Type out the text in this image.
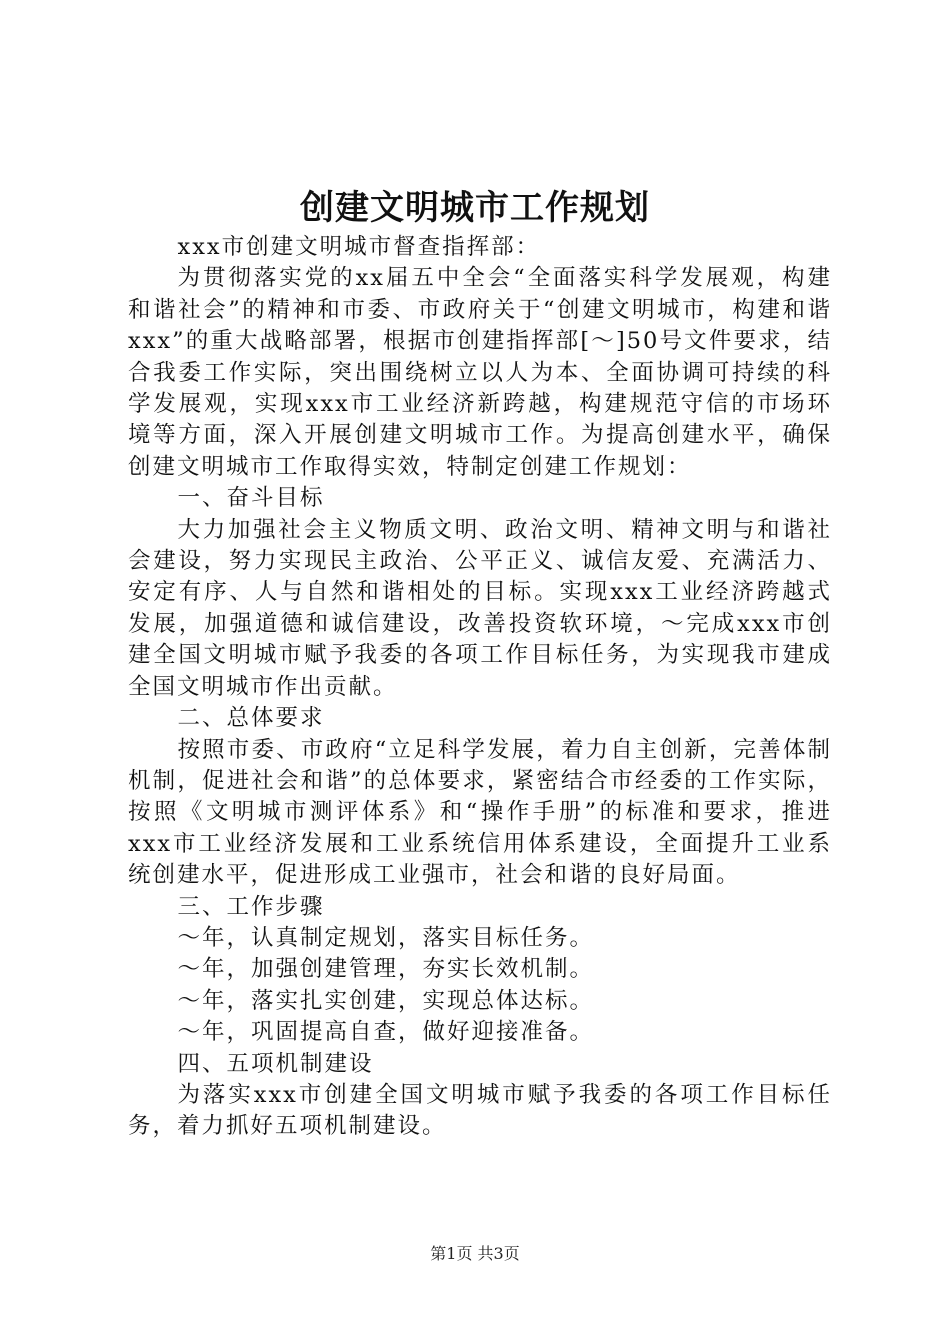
创建文明城市工作规划

xxx市创建文明城市督查指挥部：

为贯彻落实党的xx届五中全会“全面落实科学发展观，构建和谐社会”的精神和市委、市政府关于“创建文明城市，构建和谐xxx”的重大战略部署，根据市创建指挥部[～]50号文件要求，结合我委工作实际，突出围绕树立以人为本、全面协调可持续的科学发展观，实现xxx市工业经济新跨越，构建规范守信的市场环境等方面，深入开展创建文明城市工作。为提高创建水平，确保创建文明城市工作取得实效，特制定创建工作规划：

一、奋斗目标

大力加强社会主义物质文明、政治文明、精神文明与和谐社会建设，努力实现民主政治、公平正义、诚信友爱、充满活力、安定有序、人与自然和谐相处的目标。实现xxx工业经济跨越式发展，加强道德和诚信建设，改善投资软环境，～完成xxx市创建全国文明城市赋予我委的各项工作目标任务，为实现我市建成全国文明城市作出贡献。

二、总体要求

按照市委、市政府“立足科学发展，着力自主创新，完善体制机制，促进社会和谐”的总体要求，紧密结合市经委的工作实际，按照《文明城市测评体系》和“操作手册”的标准和要求，推进xxx市工业经济发展和工业系统信用体系建设，全面提升工业系统创建水平，促进形成工业强市，社会和谐的良好局面。

三、工作步骤

～年，认真制定规划，落实目标任务。

～年，加强创建管理，夯实长效机制。

～年，落实扎实创建，实现总体达标。

～年，巩固提高自查，做好迎接准备。

四、五项机制建设

为落实xxx市创建全国文明城市赋予我委的各项工作目标任务，着力抓好五项机制建设。

第1页 共3页
